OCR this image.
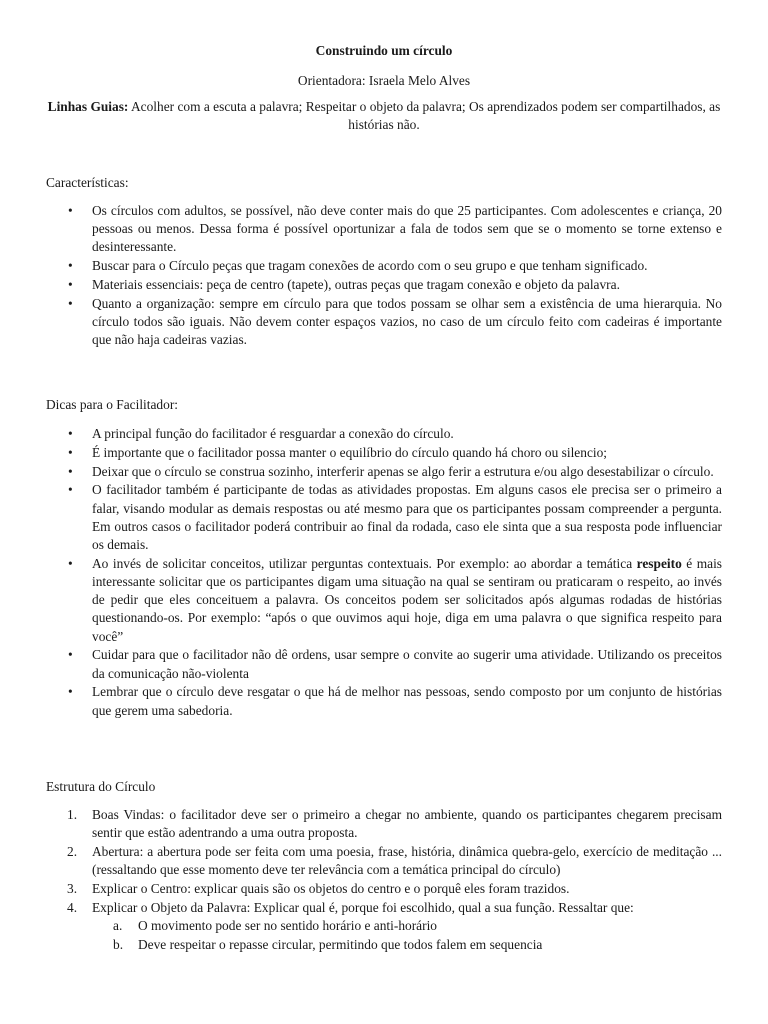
Construindo um círculo
Orientadora: Israela Melo Alves
Linhas Guias: Acolher com a escuta a palavra; Respeitar o objeto da palavra; Os aprendizados podem ser compartilhados, as histórias não.
Características:
• Os círculos com adultos, se possível, não deve conter mais do que 25 participantes. Com adolescentes e criança, 20 pessoas ou menos. Dessa forma é possível oportunizar a fala de todos sem que se o momento se torne extenso e desinteressante.
• Buscar para o Círculo peças que tragam conexões de acordo com o seu grupo e que tenham significado.
• Materiais essenciais: peça de centro (tapete), outras peças que tragam conexão e objeto da palavra.
• Quanto a organização: sempre em círculo para que todos possam se olhar sem a existência de uma hierarquia. No círculo todos são iguais. Não devem conter espaços vazios, no caso de um círculo feito com cadeiras é importante que não haja cadeiras vazias.
Dicas para o Facilitador:
• A principal função do facilitador é resguardar a conexão do círculo.
• É importante que o facilitador possa manter o equilíbrio do círculo quando há choro ou silencio;
• Deixar que o círculo se construa sozinho, interferir apenas se algo ferir a estrutura e/ou algo desestabilizar o círculo.
• O facilitador também é participante de todas as atividades propostas. Em alguns casos ele precisa ser o primeiro a falar, visando modular as demais respostas ou até mesmo para que os participantes possam compreender a pergunta. Em outros casos o facilitador poderá contribuir ao final da rodada, caso ele sinta que a sua resposta pode influenciar os demais.
• Ao invés de solicitar conceitos, utilizar perguntas contextuais. Por exemplo: ao abordar a temática respeito é mais interessante solicitar que os participantes digam uma situação na qual se sentiram ou praticaram o respeito, ao invés de pedir que eles conceituem a palavra. Os conceitos podem ser solicitados após algumas rodadas de histórias questionando-os. Por exemplo: “após o que ouvimos aqui hoje, diga em uma palavra o que significa respeito para você”
• Cuidar para que o facilitador não dê ordens, usar sempre o convite ao sugerir uma atividade. Utilizando os preceitos da comunicação não-violenta
• Lembrar que o círculo deve resgatar o que há de melhor nas pessoas, sendo composto por um conjunto de histórias que gerem uma sabedoria.
Estrutura do Círculo
1. Boas Vindas: o facilitador deve ser o primeiro a chegar no ambiente, quando os participantes chegarem precisam sentir que estão adentrando a uma outra proposta.
2. Abertura: a abertura pode ser feita com uma poesia, frase, história, dinâmica quebra-gelo, exercício de meditação ... (ressaltando que esse momento deve ter relevância com a temática principal do círculo)
3. Explicar o Centro: explicar quais são os objetos do centro e o porquê eles foram trazidos.
4. Explicar o Objeto da Palavra: Explicar qual é, porque foi escolhido, qual a sua função. Ressaltar que:
a. O movimento pode ser no sentido horário e anti-horário
b. Deve respeitar o repasse circular, permitindo que todos falem em sequencia
